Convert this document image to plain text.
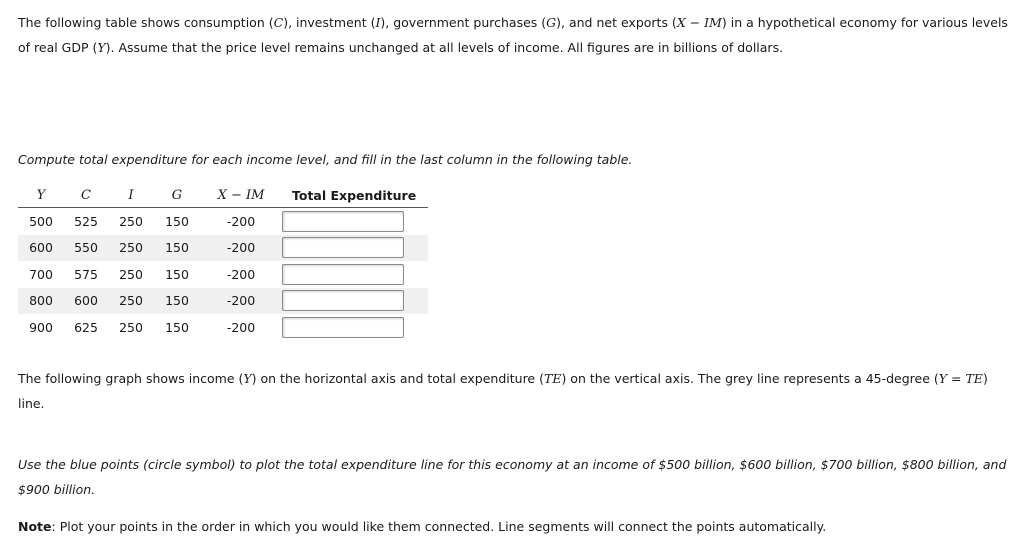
The following table shows consumption (C), investment (I), government purchases (G), and net exports (X − IM) in a hypothetical economy for various levels of real GDP (Y). Assume that the price level remains unchanged at all levels of income. All figures are in billions of dollars.

Compute total expenditure for each income level, and fill in the last column in the following table.

Y	C	I	G	X − IM	Total Expenditure
500	525	250	150	-200	

600	550	250	150	-200	

700	575	250	150	-200	

800	600	250	150	-200	

900	625	250	150	-200	

The following graph shows income (Y) on the horizontal axis and total expenditure (TE) on the vertical axis. The grey line represents a 45-degree (Y = TE) line.

Use the blue points (circle symbol) to plot the total expenditure line for this economy at an income of $500 billion, $600 billion, $700 billion, $800 billion, and $900 billion.

Note: Plot your points in the order in which you would like them connected. Line segments will connect the points automatically.
